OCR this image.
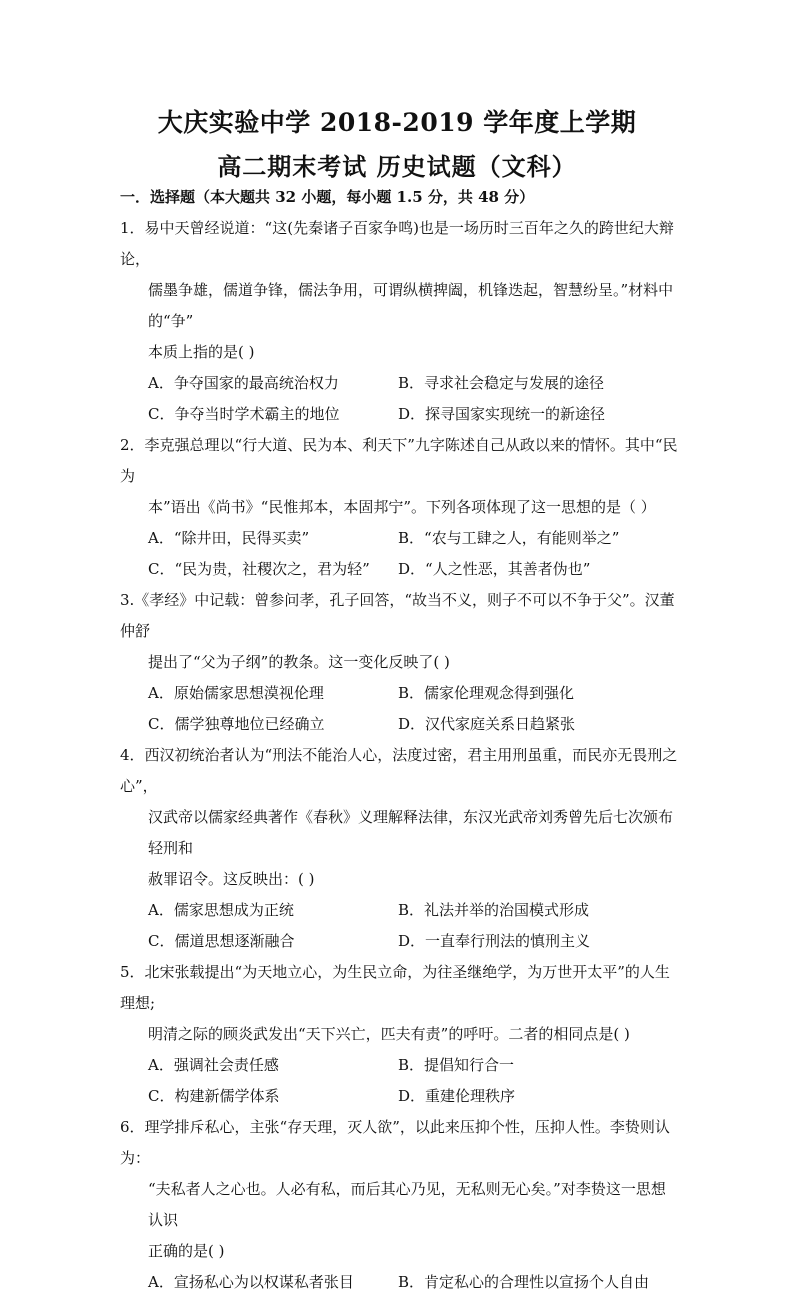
大庆实验中学 2018-2019 学年度上学期
高二期末考试 历史试题（文科）
一．选择题（本大题共 32 小题，每小题 1.5 分，共 48 分）
1．易中天曾经说道：“这(先秦诸子百家争鸣)也是一场历时三百年之久的跨世纪大辩论，
儒墨争雄，儒道争锋，儒法争用，可谓纵横捭阖，机锋迭起，智慧纷呈。”材料中的“争”
本质上指的是( )
A．争夺国家的最高统治权力	B．寻求社会稳定与发展的途径
C．争夺当时学术霸主的地位	D．探寻国家实现统一的新途径
2．李克强总理以“行大道、民为本、利天下”九字陈述自己从政以来的情怀。其中“民为
本”语出《尚书》“民惟邦本，本固邦宁”。下列各项体现了这一思想的是（ ）
A．“除井田，民得买卖”	B．“农与工肆之人，有能则举之”
C．“民为贵，社稷次之，君为轻”	D．“人之性恶，其善者伪也”
3.《孝经》中记载：曾参问孝，孔子回答，“故当不义，则子不可以不争于父”。汉董仲舒
提出了“父为子纲”的教条。这一变化反映了( )
A．原始儒家思想漠视伦理	B．儒家伦理观念得到强化
C．儒学独尊地位已经确立	D．汉代家庭关系日趋紧张
4．西汉初统治者认为“刑法不能治人心，法度过密，君主用刑虽重，而民亦无畏刑之心”，
汉武帝以儒家经典著作《春秋》义理解释法律，东汉光武帝刘秀曾先后七次颁布轻刑和
赦罪诏令。这反映出：( )
A．儒家思想成为正统	B．礼法并举的治国模式形成
C．儒道思想逐渐融合	D．一直奉行刑法的慎刑主义
5．北宋张载提出“为天地立心，为生民立命，为往圣继绝学，为万世开太平”的人生理想;
明清之际的顾炎武发出“天下兴亡，匹夫有责”的呼吁。二者的相同点是( )
A．强调社会责任感	B．提倡知行合一
C．构建新儒学体系	D．重建伦理秩序
6．理学排斥私心，主张“存天理，灭人欲”，以此来压抑个性，压抑人性。李贽则认为：
“夫私者人之心也。人必有私，而后其心乃见，无私则无心矣。”对李贽这一思想认识
正确的是( )
A．宣扬私心为以权谋私者张目	B．肯定私心的合理性以宣扬个人自由
